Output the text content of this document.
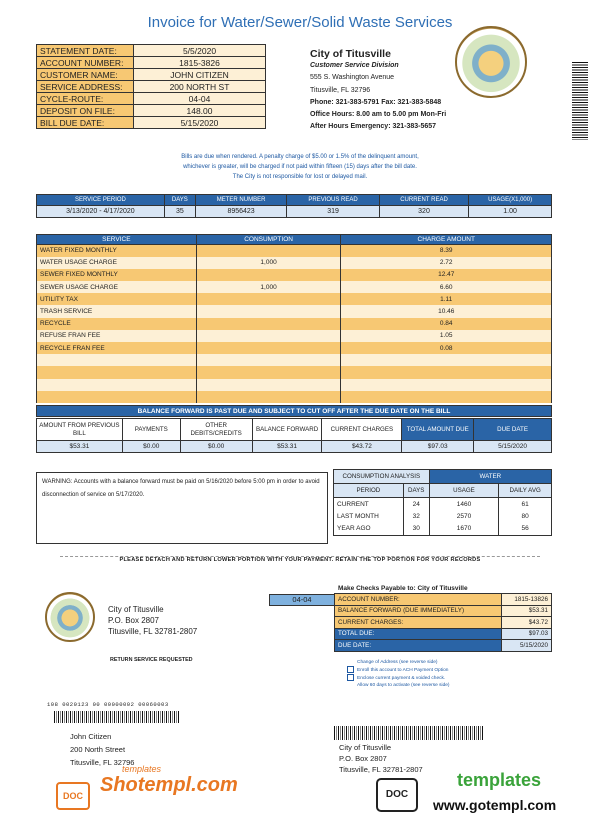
Invoice for Water/Sewer/Solid Waste Services
STATEMENT DATE:	5/5/2020
ACCOUNT NUMBER:	1815-3826
CUSTOMER NAME:	JOHN CITIZEN
SERVICE ADDRESS:	200 NORTH ST
CYCLE-ROUTE:	04-04
DEPOSIT ON FILE:	148.00
BILL DUE DATE:	5/15/2020
City of Titusville
Customer Service Division
555 S. Washington Avenue
Titusville, FL 32796
Phone: 321-383-5791 Fax: 321-383-5848
Office Hours: 8.00 am to 5.00 pm Mon-Fri
After Hours Emergency: 321-383-5657
Bills are due when rendered. A penalty charge of $5.00 or 1.5% of the delinquent amount,
whichever is greater, will be charged if not paid within fifteen (15) days after the bill date.
The City is not responsible for lost or delayed mail.
SERVICE PERIOD	DAYS	METER NUMBER	PREVIOUS READ	CURRENT READ	USAGE(X1,000)
3/13/2020 - 4/17/2020	35	8956423	319	320	1.00
SERVICE	CONSUMPTION	CHARGE AMOUNT
WATER FIXED MONTHLY		8.39
WATER USAGE CHARGE	1,000	2.72
SEWER FIXED MONTHLY		12.47
SEWER USAGE CHARGE	1,000	6.60
UTILITY TAX		1.11
TRASH SERVICE		10.46
RECYCLE		0.84
REFUSE FRAN FEE		1.05
RECYCLE FRAN FEE		0.08

BALANCE FORWARD IS PAST DUE AND SUBJECT TO CUT OFF AFTER THE DUE DATE ON THE BILL
AMOUNT FROM PREVIOUS BILL	PAYMENTS	OTHER DEBITS/CREDITS	BALANCE FORWARD	CURRENT CHARGES	TOTAL AMOUNT DUE	DUE DATE
$53.31	$0.00	$0.00	$53.31	$43.72	$97.03	5/15/2020
WARNING: Accounts with a balance forward must be paid on 5/16/2020 before 5:00 pm in order to avoid disconnection of service on 5/17/2020.
CONSUMPTION ANALYSIS		WATER	
PERIOD	DAYS	USAGE	DAILY AVG
CURRENT	24	1460	61
LAST MONTH	32	2570	80
YEAR AGO	30	1670	56
PLEASE DETACH AND RETURN LOWER PORTION WITH YOUR PAYMENT. RETAIN THE TOP PORTION FOR YOUR RECORDS
City of Titusville
P.O. Box 2807
Titusville, FL 32781-2807
RETURN SERVICE REQUESTED
04-04
Make Checks Payable to: City of Titusville
ACCOUNT NUMBER:	1815-13826
BALANCE FORWARD (DUE IMMEDIATELY)	$53.31
CURRENT CHARGES:	$43.72
TOTAL DUE:	$97.03
DUE DATE:	5/15/2020
Change of Address (see reverse side)
Enroll this account to ACH Payment Option
Enclose current payment & voided check.
Allow 60 days to activate (see reverse side)
108 0020123 00 00000002 00060003
John Citizen
200 North Street
Titusville, FL 32796
City of Titusville
P.O. Box 2807
Titusville, FL 32781-2807
DOC
templates
Shotempl.com	DOC
templates
www.gotempl.com
